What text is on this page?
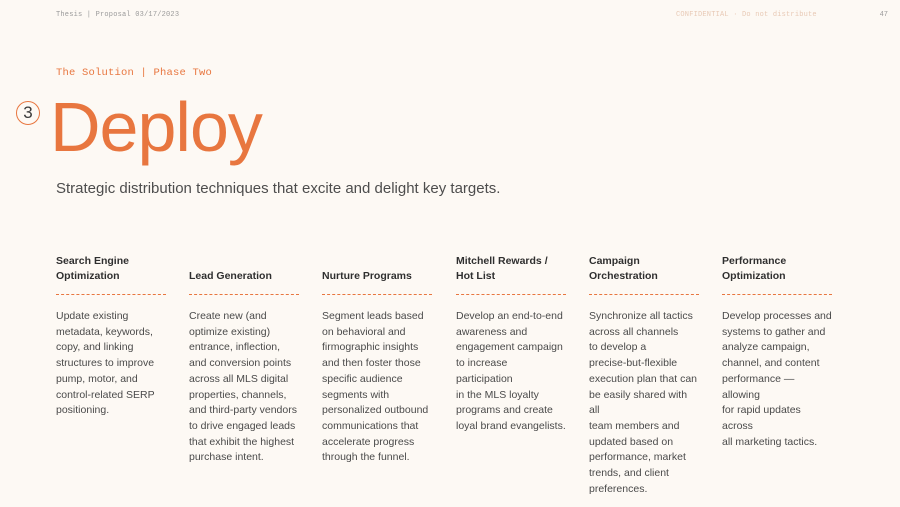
Thesis | Proposal 03/17/2023	CONFIDENTIAL · Do not distribute	47
The Solution | Phase Two
3 Deploy
Strategic distribution techniques that excite and delight key targets.
Search Engine
Optimization
Update existing
metadata, keywords,
copy, and linking
structures to improve
pump, motor, and
control-related SERP
positioning.
Lead Generation
Create new (and
optimize existing)
entrance, inflection,
and conversion points
across all MLS digital
properties, channels,
and third-party vendors
to drive engaged leads
that exhibit the highest
purchase intent.
Nurture Programs
Segment leads based
on behavioral and
firmographic insights
and then foster those
specific audience
segments with
personalized outbound
communications that
accelerate progress
through the funnel.
Mitchell Rewards /
Hot List
Develop an end-to-end
awareness and
engagement campaign
to increase participation
in the MLS loyalty
programs and create
loyal brand evangelists.
Campaign
Orchestration
Synchronize all tactics
across all channels
to develop a
precise-but-flexible
execution plan that can
be easily shared with all
team members and
updated based on
performance, market
trends, and client
preferences.
Performance
Optimization
Develop processes and
systems to gather and
analyze campaign,
channel, and content
performance — allowing
for rapid updates across
all marketing tactics.
